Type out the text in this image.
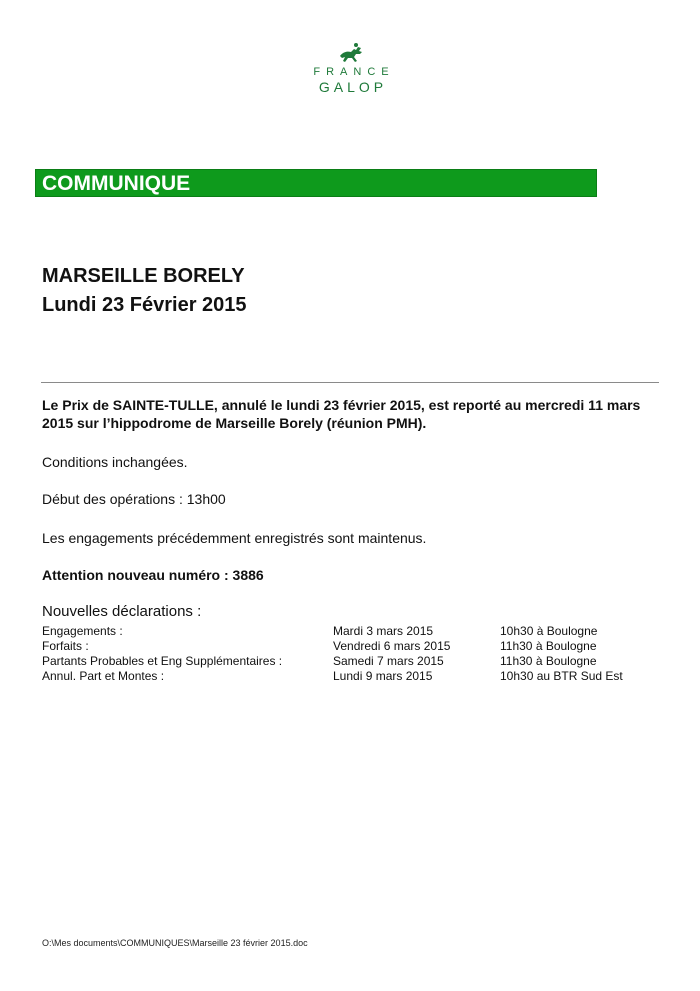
FRANCE
GALOP
COMMUNIQUE
MARSEILLE BORELY
Lundi 23 Février 2015
Le Prix de SAINTE-TULLE, annulé le lundi 23 février 2015, est reporté au mercredi 11 mars 2015 sur l’hippodrome de Marseille Borely (réunion PMH).
Conditions inchangées.
Début des opérations : 13h00
Les engagements précédemment enregistrés sont maintenus.
Attention nouveau numéro : 3886
Nouvelles déclarations :
Engagements :	Mardi 3 mars 2015	10h30 à Boulogne
Forfaits :	Vendredi 6 mars 2015	11h30 à Boulogne
Partants Probables et Eng Supplémentaires :	Samedi 7 mars 2015	11h30 à Boulogne
Annul. Part et Montes :	Lundi 9 mars 2015	10h30 au BTR Sud Est
O:\Mes documents\COMMUNIQUES\Marseille 23 février 2015.doc
